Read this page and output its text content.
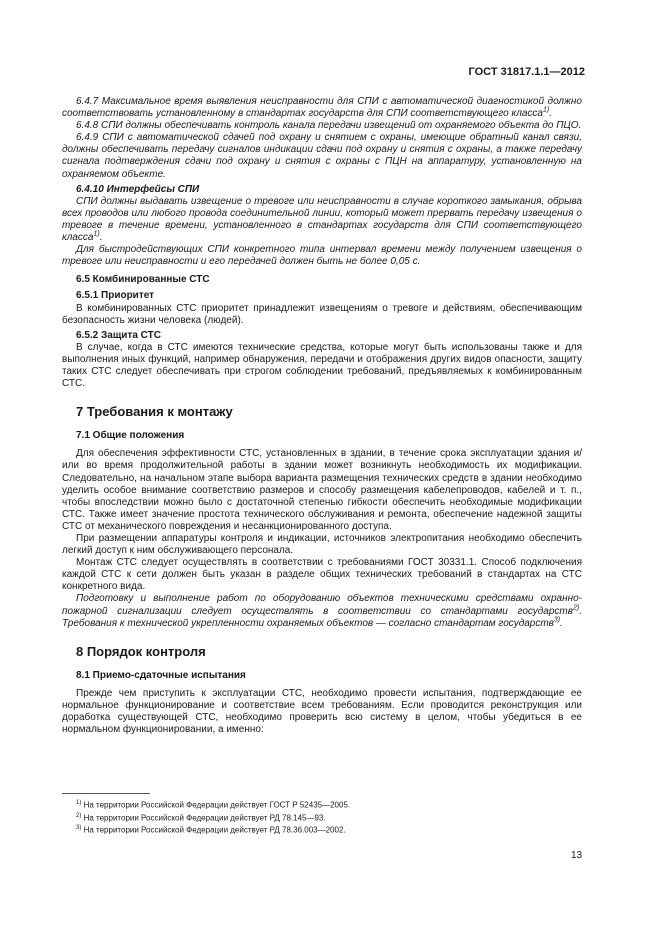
ГОСТ 31817.1.1—2012

6.4.7 Максимальное время выявления неисправности для СПИ с автоматической диагностикой должно соответствовать установленному в стандартах государств для СПИ соответствующего класса$^{1)}$.

6.4.8 СПИ должны обеспечивать контроль канала передачи извещений от охраняемого объекта до ПЦО.

6.4.9 СПИ с автоматической сдачей под охрану и снятием с охраны, имеющие обратный канал связи, должны обеспечивать передачу сигналов индикации сдачи под охрану и снятия с охраны, а также передачу сигнала подтверждения сдачи под охрану и снятия с охраны с ПЦН на аппаратуру, установленную на охраняемом объекте.

6.4.10 Интерфейсы СПИ

СПИ должны выдавать извещение о тревоге или неисправности в случае короткого замыкания, обрыва всех проводов или любого провода соединительной линии, который может прервать передачу извещения о тревоге в течение времени, установленного в стандартах государств для СПИ соответствующего класса$^{1)}$.

Для быстродействующих СПИ конкретного типа интервал времени между получением извещения о тревоге или неисправности и его передачей должен быть не более 0,05 с.

6.5 Комбинированные СТС

6.5.1 Приоритет

В комбинированных СТС приоритет принадлежит извещениям о тревоге и действиям, обеспечивающим безопасность жизни человека (людей).

6.5.2 Защита СТС

В случае, когда в СТС имеются технические средства, которые могут быть использованы также и для выполнения иных функций, например обнаружения, передачи и отображения других видов опасности, защиту таких СТС следует обеспечивать при строгом соблюдении требований, предъявляемых к комбинированным СТС.

7 Требования к монтажу

7.1 Общие положения

Для обеспечения эффективности СТС, установленных в здании, в течение срока эксплуатации здания и/или во время продолжительной работы в здании может возникнуть необходимость их модификации. Следовательно, на начальном этапе выбора варианта размещения технических средств в здании необходимо уделить особое внимание соответствию размеров и способу размещения кабелепроводов, кабелей и т. п., чтобы впоследствии можно было с достаточной степенью гибкости обеспечить необходимые модификации СТС. Также имеет значение простота технического обслуживания и ремонта, обеспечение надежной защиты СТС от механического повреждения и несанкционированного доступа.

При размещении аппаратуры контроля и индикации, источников электропитания необходимо обеспечить легкий доступ к ним обслуживающего персонала.

Монтаж СТС следует осуществлять в соответствии с требованиями ГОСТ 30331.1. Способ подключения каждой СТС к сети должен быть указан в разделе общих технических требований в стандартах на СТС конкретного вида.

Подготовку и выполнение работ по оборудованию объектов техническими средствами охранно-пожарной сигнализации следует осуществлять в соответствии со стандартами государств$^{2)}$. Требования к технической укрепленности охраняемых объектов — согласно стандартам государств$^{3)}$.

8 Порядок контроля

8.1 Приемо-сдаточные испытания

Прежде чем приступить к эксплуатации СТС, необходимо провести испытания, подтверждающие ее нормальное функционирование и соответствие всем требованиям. Если проводится реконструкция или доработка существующей СТС, необходимо проверить всю систему в целом, чтобы убедиться в ее нормальном функционировании, а именно:

$^{1)}$ На территории Российской Федерации действует ГОСТ Р 52435—2005.
$^{2)}$ На территории Российской Федерации действует РД 78.145—93.
$^{3)}$ На территории Российской Федерации действует РД 78.36.003—2002.
13
